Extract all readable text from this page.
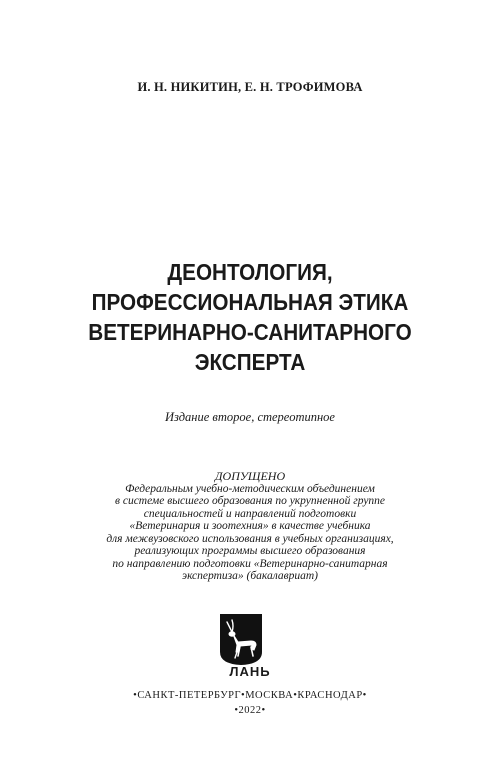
И. Н. НИКИТИН, Е. Н. ТРОФИМОВА
ДЕОНТОЛОГИЯ,
ПРОФЕССИОНАЛЬНАЯ ЭТИКА
ВЕТЕРИНАРНО-САНИТАРНОГО
ЭКСПЕРТА
Издание второе, стереотипное
ДОПУЩЕНО
Федеральным учебно-методическим объединением
в системе высшего образования по укрупненной группе
специальностей и направлений подготовки
«Ветеринария и зоотехния» в качестве учебника
для межвузовского использования в учебных организациях,
реализующих программы высшего образования
по направлению подготовки «Ветеринарно-санитарная
экспертиза» (бакалавриат)
ЛАНЬ
•САНКТ-ПЕТЕРБУРГ•МОСКВА•КРАСНОДАР•
•2022•
